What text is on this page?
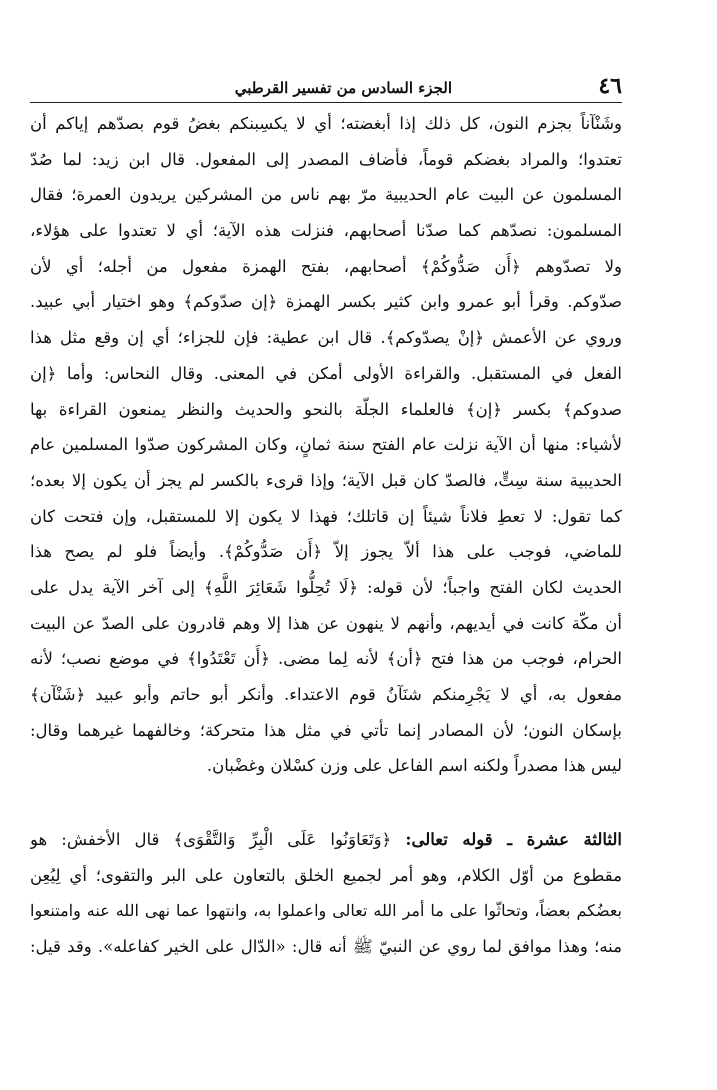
٤٦
الجزء السادس من تفسير القرطبي
وشَنْآناً بجزم النون، كل ذلك إذا أبغضته؛ أي لا يكسِبنكم بغضُ قوم بصدّهم إياكم أن
تعتدوا؛ والمراد بغضكم قوماً، فأضاف المصدر إلى المفعول. قال ابن زيد: لما صُدّ
المسلمون عن البيت عام الحديبية مرّ بهم ناس من المشركين يريدون العمرة؛ فقال
المسلمون: نصدّهم كما صدّنا أصحابهم، فنزلت هذه الآية؛ أي لا تعتدوا على هؤلاء،
ولا تصدّوهم ﴿أَن صَدُّوكُمْ﴾ أصحابهم، بفتح الهمزة مفعول من أجله؛ أي لأن
صدّوكم. وقرأ أبو عمرو وابن كثير بكسر الهمزة ﴿إن صدّوكم﴾ وهو اختيار أبي عبيد.
وروي عن الأعمش ﴿إنْ يصدّوكم﴾. قال ابن عطية: فإن للجزاء؛ أي إن وقع مثل هذا
الفعل في المستقبل. والقراءة الأولى أمكن في المعنى. وقال النحاس: وأما ﴿إن
صدوكم﴾ بكسر ﴿إن﴾ فالعلماء الجلّة بالنحو والحديث والنظر يمنعون القراءة بها
لأشياء: منها أن الآية نزلت عام الفتح سنة ثمانٍ، وكان المشركون صدّوا المسلمين عام
الحديبية سنة سِتٍّ، فالصدّ كان قبل الآية؛ وإذا قرىء بالكسر لم يجز أن يكون إلا بعده؛
كما تقول: لا تعطِ فلاناً شيئاً إن قاتلك؛ فهذا لا يكون إلا للمستقبل، وإن فتحت كان
للماضي، فوجب على هذا ألاّ يجوز إلاّ ﴿أَن صَدُّوكُمْ﴾. وأيضاً فلو لم يصح هذا
الحديث لكان الفتح واجباً؛ لأن قوله: ﴿لَا تُحِلُّوا شَعَائِرَ اللَّهِ﴾ إلى آخر الآية يدل على
أن مكّة كانت في أيديهم، وأنهم لا ينهون عن هذا إلا وهم قادرون على الصدّ عن البيت
الحرام، فوجب من هذا فتح ﴿أن﴾ لأنه لِما مضى. ﴿أَن تَعْتَدُوا﴾ في موضع نصب؛ لأنه
مفعول به، أي لا يَجْرِمنكم شنَآنُ قوم الاعتداء. وأنكر أبو حاتم وأبو عبيد ﴿شَنْآن﴾
بإسكان النون؛ لأن المصادر إنما تأتي في مثل هذا متحركة؛ وخالفهما غيرهما وقال:
ليس هذا مصدراً ولكنه اسم الفاعل على وزن كسْلان وغضْبان.
الثالثة عشرة ـ قوله تعالى: ﴿وَتَعَاوَنُوا عَلَى الْبِرِّ وَالتَّقْوَى﴾ قال الأخفش: هو
مقطوع من أوّل الكلام، وهو أمر لجميع الخلق بالتعاون على البر والتقوى؛ أي لِيُعِن
بعضُكم بعضاً، وتحاثّوا على ما أمر الله تعالى واعملوا به، وانتهوا عما نهى الله عنه وامتنعوا
منه؛ وهذا موافق لما روي عن النبيّ ﷺ أنه قال: «الدّال على الخير كفاعله». وقد قيل:
